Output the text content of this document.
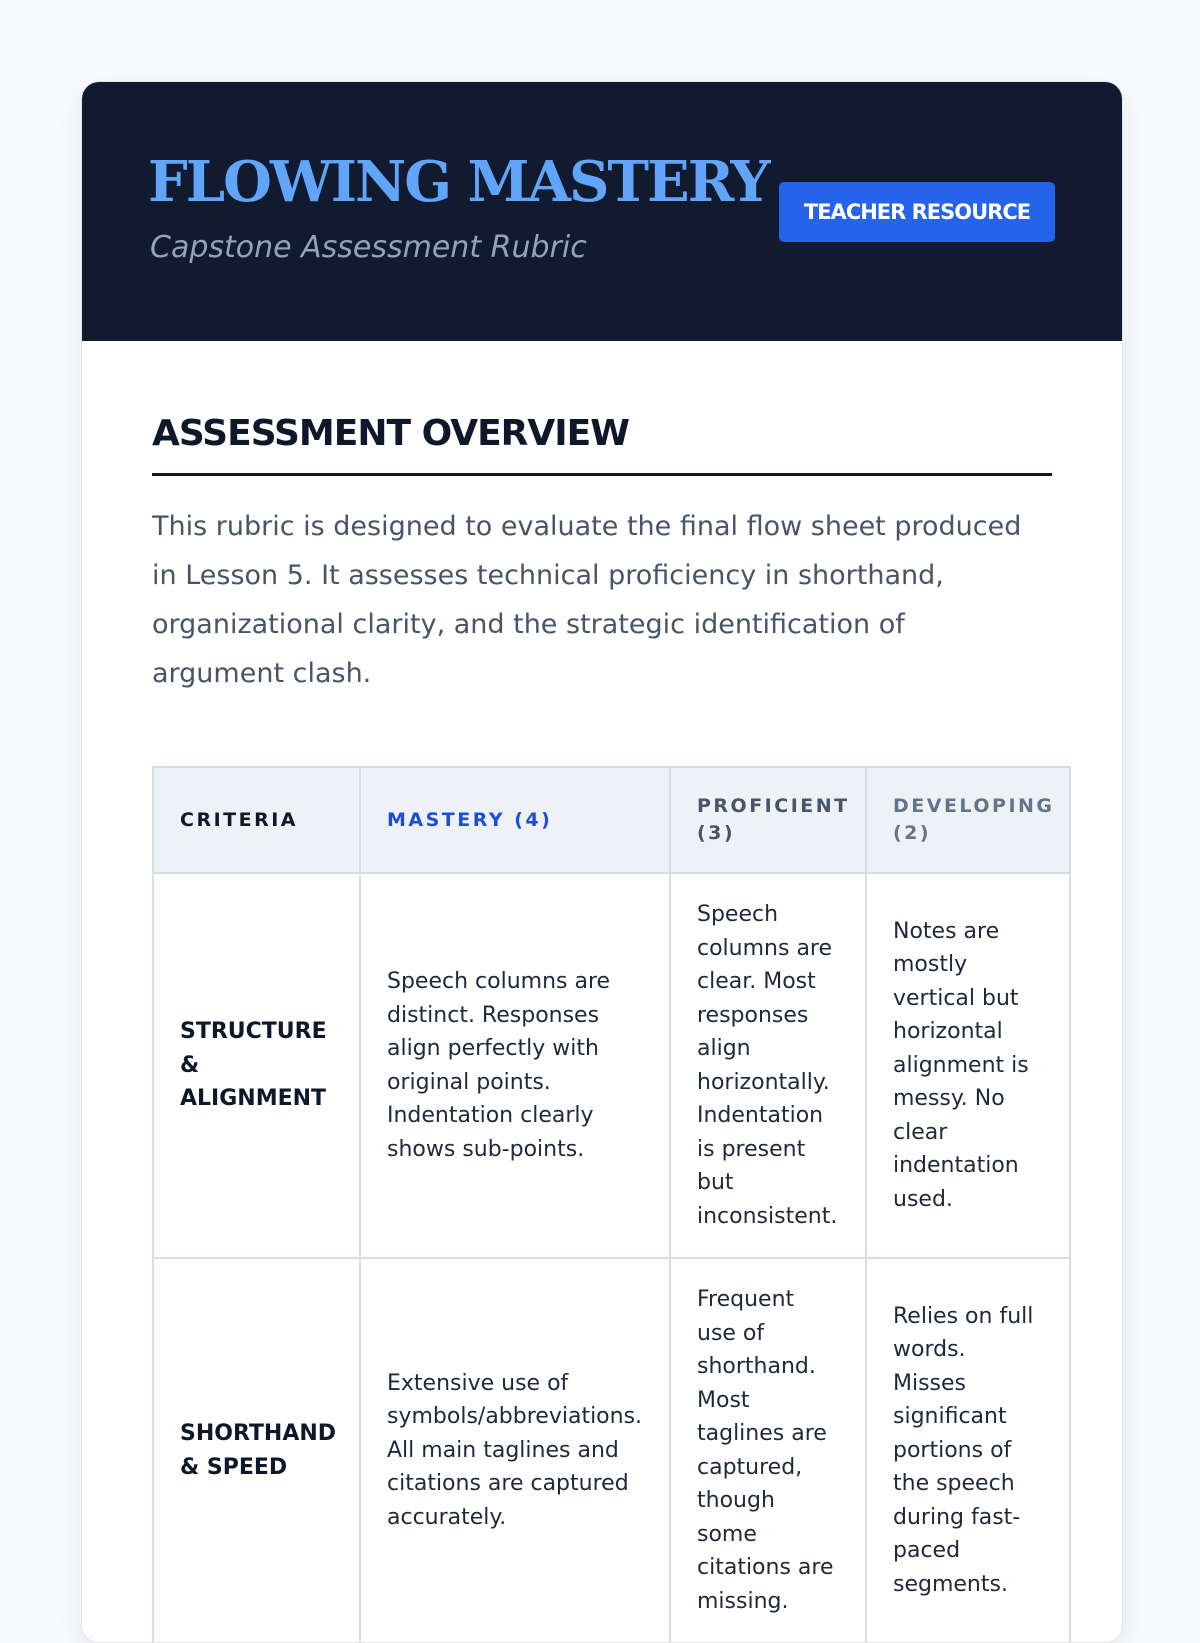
FLOWING MASTERY

Capstone Assessment Rubric

TEACHER RESOURCE
ASSESSMENT OVERVIEW

This rubric is designed to evaluate the final flow sheet produced in Lesson 5. It assesses technical proficiency in shorthand, organizational clarity, and the strategic identification of argument clash.

CRITERIA	MASTERY (4)	PROFICIENT (3)	DEVELOPING (2)
STRUCTURE & ALIGNMENT	Speech columns are distinct. Responses align perfectly with original points. Indentation clearly shows sub-points.	Speech columns are clear. Most responses align horizontally. Indentation is present but inconsistent.	Notes are mostly vertical but horizontal alignment is messy. No clear indentation used.
SHORTHAND & SPEED	Extensive use of symbols/abbreviations. All main taglines and citations are captured accurately.	Frequent use of shorthand. Most taglines are captured, though some citations are missing.	Relies on full words. Misses significant portions of the speech during fast-paced segments.
